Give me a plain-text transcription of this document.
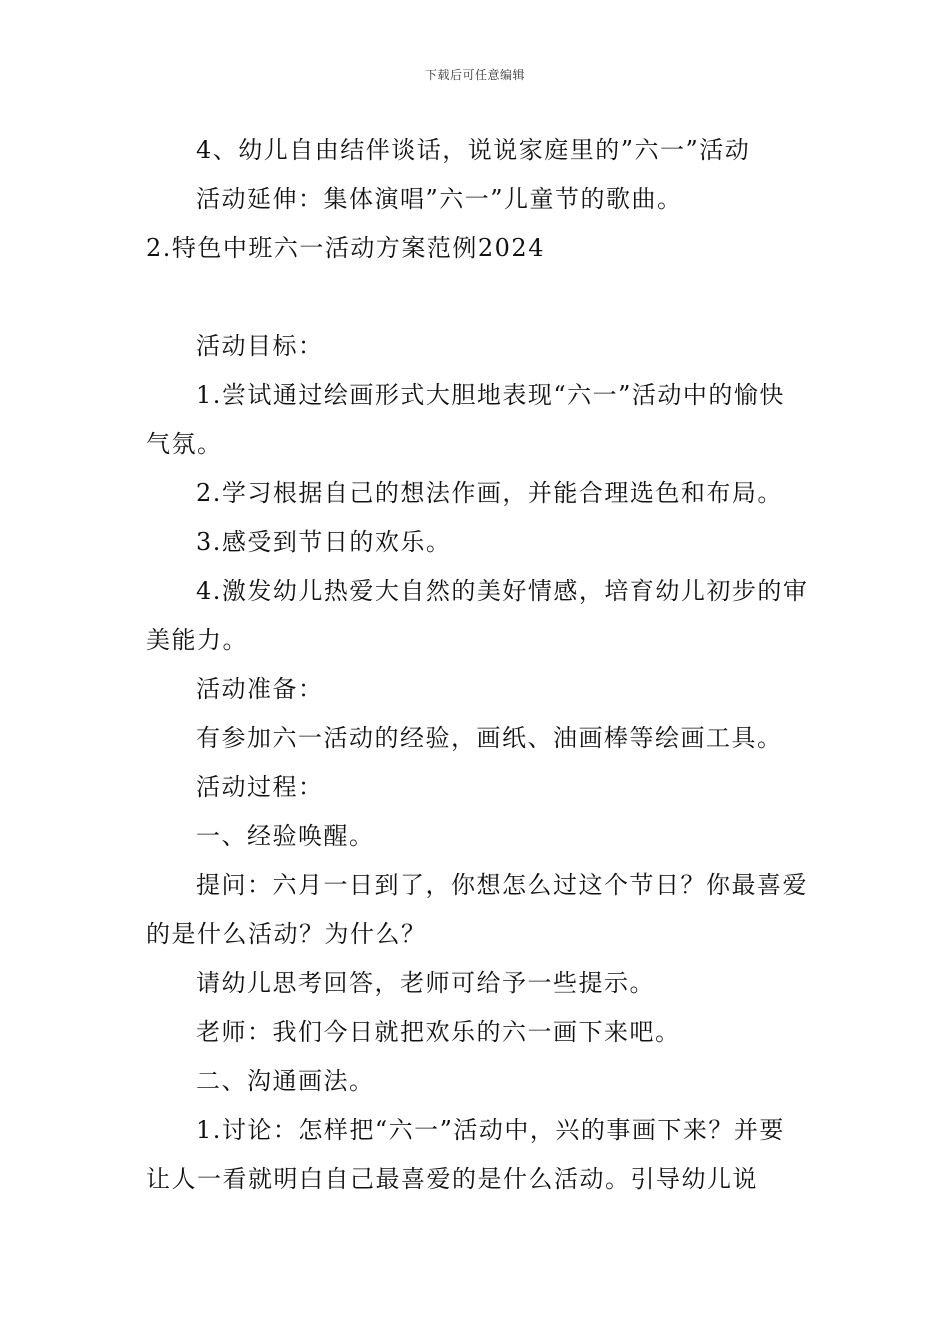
下载后可任意编辑

4、幼儿自由结伴谈话，说说家庭里的”六一”活动

活动延伸：集体演唱”六一”儿童节的歌曲。

2.特色中班六一活动方案范例2024

活动目标：

1.尝试通过绘画形式大胆地表现“六一”活动中的愉快气氛。

2.学习根据自己的想法作画，并能合理选色和布局。

3.感受到节日的欢乐。

4.激发幼儿热爱大自然的美好情感，培育幼儿初步的审美能力。

活动准备：

有参加六一活动的经验，画纸、油画棒等绘画工具。

活动过程：

一、经验唤醒。

提问：六月一日到了，你想怎么过这个节日？你最喜爱的是什么活动？为什么？

请幼儿思考回答，老师可给予一些提示。

老师：我们今日就把欢乐的六一画下来吧。

二、沟通画法。

1.讨论：怎样把“六一”活动中，兴的事画下来？并要让人一看就明白自己最喜爱的是什么活动。引导幼儿说
